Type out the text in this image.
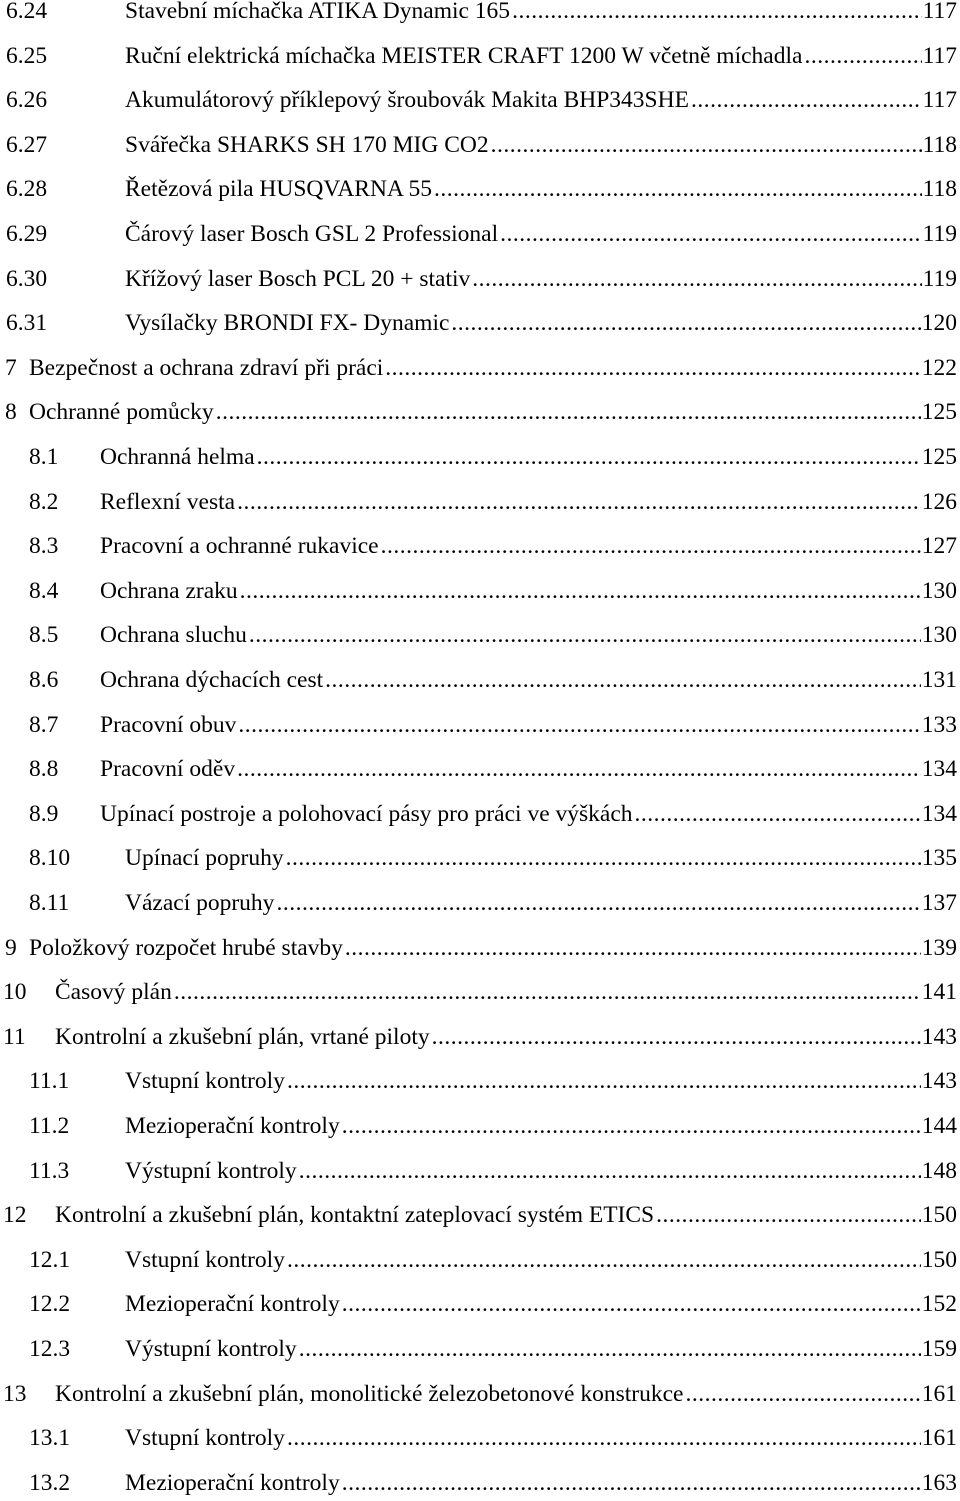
6.24	Stavební míchačka ATIKA Dynamic 165 .....	117
6.25	Ruční elektrická míchačka MEISTER CRAFT 1200 W včetně míchadla .....	117
6.26	Akumulátorový příklepový šroubovák Makita BHP343SHE .....	117
6.27	Svářečka SHARKS SH 170 MIG CO2 .....	118
6.28	Řetězová pila HUSQVARNA 55 .....	118
6.29	Čárový laser Bosch GSL 2 Professional .....	119
6.30	Křížový laser Bosch PCL 20 + stativ .....	119
6.31	Vysílačky BRONDI FX- Dynamic .....	120
7 Bezpečnost a ochrana zdraví při práci .....	122
8 Ochranné pomůcky .....	125
8.1	Ochranná helma .....	125
8.2	Reflexní vesta .....	126
8.3	Pracovní a ochranné rukavice .....	127
8.4	Ochrana zraku .....	130
8.5	Ochrana sluchu .....	130
8.6	Ochrana dýchacích cest .....	131
8.7	Pracovní obuv .....	133
8.8	Pracovní oděv .....	134
8.9	Upínací postroje a polohovací pásy pro práci ve výškách .....	134
8.10	Upínací popruhy .....	135
8.11	Vázací popruhy .....	137
9 Položkový rozpočet hrubé stavby .....	139
10	Časový plán .....	141
11	Kontrolní a zkušební plán, vrtané piloty .....	143
11.1	Vstupní kontroly .....	143
11.2	Mezioperační kontroly .....	144
11.3	Výstupní kontroly .....	148
12	Kontrolní a zkušební plán, kontaktní zateplovací systém ETICS .....	150
12.1	Vstupní kontroly .....	150
12.2	Mezioperační kontroly .....	152
12.3	Výstupní kontroly .....	159
13	Kontrolní a zkušební plán, monolitické železobetonové konstrukce .....	161
13.1	Vstupní kontroly .....	161
13.2	Mezioperační kontroly .....	163
